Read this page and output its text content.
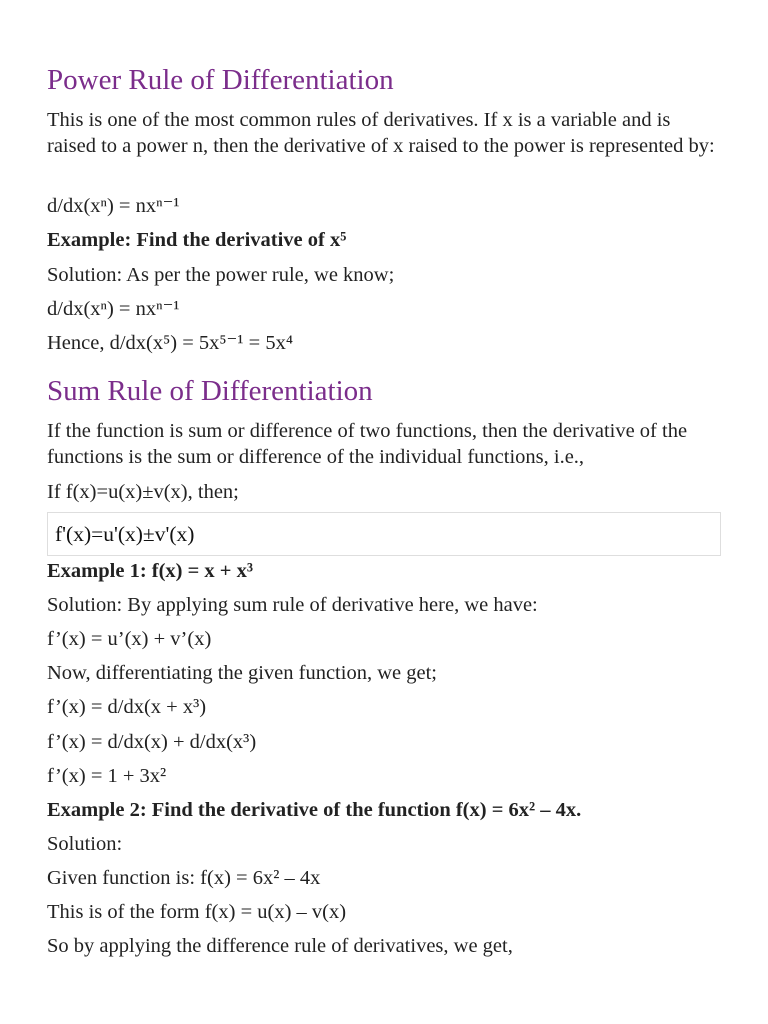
Power Rule of Differentiation

This is one of the most common rules of derivatives. If x is a variable and is raised to a power n, then the derivative of x raised to the power is represented by:

d/dx(xⁿ) = nxⁿ⁻¹

Example: Find the derivative of x⁵

Solution: As per the power rule, we know;

d/dx(xⁿ) = nxⁿ⁻¹

Hence, d/dx(x⁵) = 5x⁵⁻¹ = 5x⁴

Sum Rule of Differentiation

If the function is sum or difference of two functions, then the derivative of the functions is the sum or difference of the individual functions, i.e.,

If f(x)=u(x)±v(x), then;

f'(x)=u'(x)±v'(x)

Example 1: f(x) = x + x³

Solution: By applying sum rule of derivative here, we have:

f’(x) = u’(x) + v’(x)

Now, differentiating the given function, we get;

f’(x) = d/dx(x + x³)

f’(x) = d/dx(x) + d/dx(x³)

f’(x) = 1 + 3x²

Example 2: Find the derivative of the function f(x) = 6x² – 4x.

Solution:

Given function is: f(x) = 6x² – 4x

This is of the form f(x) = u(x) – v(x)

So by applying the difference rule of derivatives, we get,
